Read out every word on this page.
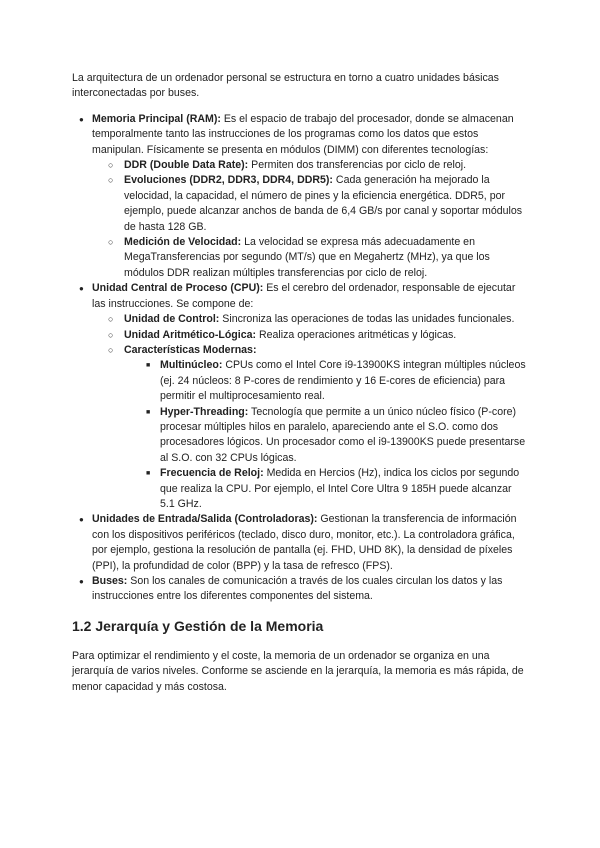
La arquitectura de un ordenador personal se estructura en torno a cuatro unidades básicas interconectadas por buses.

● Memoria Principal (RAM): Es el espacio de trabajo del procesador, donde se almacenan temporalmente tanto las instrucciones de los programas como los datos que estos manipulan. Físicamente se presenta en módulos (DIMM) con diferentes tecnologías:
○ DDR (Double Data Rate): Permiten dos transferencias por ciclo de reloj.
○ Evoluciones (DDR2, DDR3, DDR4, DDR5): Cada generación ha mejorado la velocidad, la capacidad, el número de pines y la eficiencia energética. DDR5, por ejemplo, puede alcanzar anchos de banda de 6,4 GB/s por canal y soportar módulos de hasta 128 GB.
○ Medición de Velocidad: La velocidad se expresa más adecuadamente en MegaTransferencias por segundo (MT/s) que en Megahertz (MHz), ya que los módulos DDR realizan múltiples transferencias por ciclo de reloj.
● Unidad Central de Proceso (CPU): Es el cerebro del ordenador, responsable de ejecutar las instrucciones. Se compone de:
○ Unidad de Control: Sincroniza las operaciones de todas las unidades funcionales.
○ Unidad Aritmético-Lógica: Realiza operaciones aritméticas y lógicas.
○ Características Modernas:
■ Multinúcleo: CPUs como el Intel Core i9-13900KS integran múltiples núcleos (ej. 24 núcleos: 8 P-cores de rendimiento y 16 E-cores de eficiencia) para permitir el multiprocesamiento real.
■ Hyper-Threading: Tecnología que permite a un único núcleo físico (P-core) procesar múltiples hilos en paralelo, apareciendo ante el S.O. como dos procesadores lógicos. Un procesador como el i9-13900KS puede presentarse al S.O. con 32 CPUs lógicas.
■ Frecuencia de Reloj: Medida en Hercios (Hz), indica los ciclos por segundo que realiza la CPU. Por ejemplo, el Intel Core Ultra 9 185H puede alcanzar 5.1 GHz.
● Unidades de Entrada/Salida (Controladoras): Gestionan la transferencia de información con los dispositivos periféricos (teclado, disco duro, monitor, etc.). La controladora gráfica, por ejemplo, gestiona la resolución de pantalla (ej. FHD, UHD 8K), la densidad de píxeles (PPI), la profundidad de color (BPP) y la tasa de refresco (FPS).
● Buses: Son los canales de comunicación a través de los cuales circulan los datos y las instrucciones entre los diferentes componentes del sistema.
1.2 Jerarquía y Gestión de la Memoria

Para optimizar el rendimiento y el coste, la memoria de un ordenador se organiza en una jerarquía de varios niveles. Conforme se asciende en la jerarquía, la memoria es más rápida, de menor capacidad y más costosa.
